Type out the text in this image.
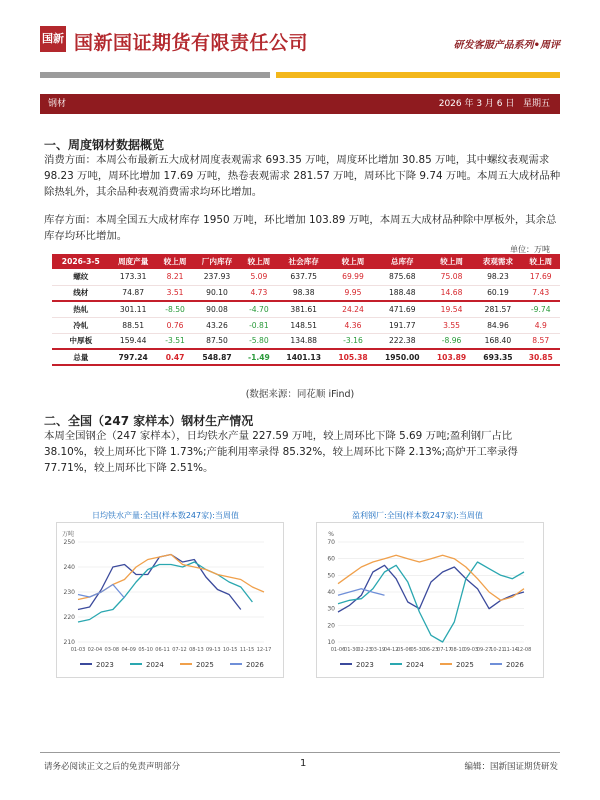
国新 国新国证期货有限责任公司	研发客服产品系列•周评
钢材	2026 年 3 月 6 日 星期五
一、周度钢材数据概览
消费方面：本周公布最新五大成材周度表观需求 693.35 万吨，周度环比增加 30.85 万吨，其中螺纹表观需求 98.23 万吨，周环比增加 17.69 万吨，热卷表观需求 281.57 万吨，周环比下降 9.74 万吨。本周五大成材品种除热轧外，其余品种表观消费需求均环比增加。
库存方面：本周全国五大成材库存 1950 万吨，环比增加 103.89 万吨，本周五大成材品种除中厚板外，其余总库存均环比增加。
单位：万吨
2026-3-5	周度产量	较上周	厂内库存	较上周	社会库存	较上周	总库存	较上周	表观需求	较上周
螺纹	173.31	8.21	237.93	5.09	637.75	69.99	875.68	75.08	98.23	17.69
线材	74.87	3.51	90.10	4.73	98.38	9.95	188.48	14.68	60.19	7.43
热轧	301.11	-8.50	90.08	-4.70	381.61	24.24	471.69	19.54	281.57	-9.74
冷轧	88.51	0.76	43.26	-0.81	148.51	4.36	191.77	3.55	84.96	4.9
中厚板	159.44	-3.51	87.50	-5.80	134.88	-3.16	222.38	-8.96	168.40	8.57
总量	797.24	0.47	548.87	-1.49	1401.13	105.38	1950.00	103.89	693.35	30.85
(数据来源：同花顺 iFind)
二、全国（247 家样本）钢材生产情况
本周全国钢企（247 家样本），日均铁水产量 227.59 万吨，较上周环比下降 5.69 万吨;盈利钢厂占比 38.10%，较上周环比下降 1.73%;产能利用率录得 85.32%，较上周环比下降 2.13%;高炉开工率录得 77.71%，较上周环比下降 2.51%。
日均铁水产量:全国(样本数247家):当周值
万吨
210
220
230
240
250
01-03 02-04 03-08 04-09 05-10 06-11 07-12 08-13 09-13 10-15 11-15 12-17
2023	2024	2025	2026
盈利钢厂:全国(样本数247家):当周值
%
10
20
30
40
50
60
70
01-06
01-30
02-23
03-19
04-12
05-06
05-30
06-23
07-17
08-10
09-03
09-27
10-21
11-14
12-08
2023	2024	2025	2026
请务必阅读正文之后的免责声明部分	1	编辑：国新国证期货研发
